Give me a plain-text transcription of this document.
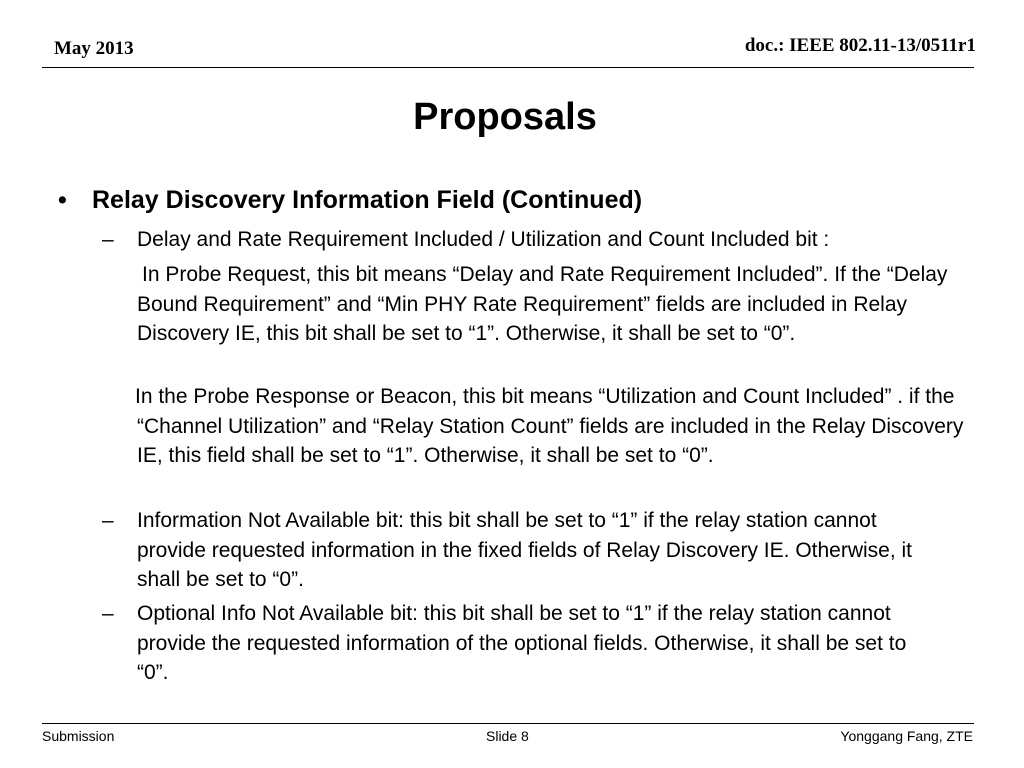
May 2013	doc.: IEEE 802.11-13/0511r1
Proposals
• Relay Discovery Information Field (Continued)
– Delay and Rate Requirement Included / Utilization and Count Included bit :
In Probe Request, this bit means “Delay and Rate Requirement Included”. If the “Delay Bound Requirement” and “Min PHY Rate Requirement” fields are included in Relay Discovery IE, this bit shall be set to “1”. Otherwise, it shall be set to “0”.
In the Probe Response or Beacon, this bit means “Utilization and Count Included” . if the “Channel Utilization” and “Relay Station Count” fields are included in the Relay Discovery IE, this field shall be set to “1”. Otherwise, it shall be set to “0”.
– Information Not Available bit: this bit shall be set to “1” if the relay station cannot provide requested information in the fixed fields of Relay Discovery IE. Otherwise, it shall be set to “0”.
– Optional Info Not Available bit: this bit shall be set to “1” if the relay station cannot provide the requested information of the optional fields. Otherwise, it shall be set to “0”.
Submission	Slide 8	Yonggang Fang, ZTE
